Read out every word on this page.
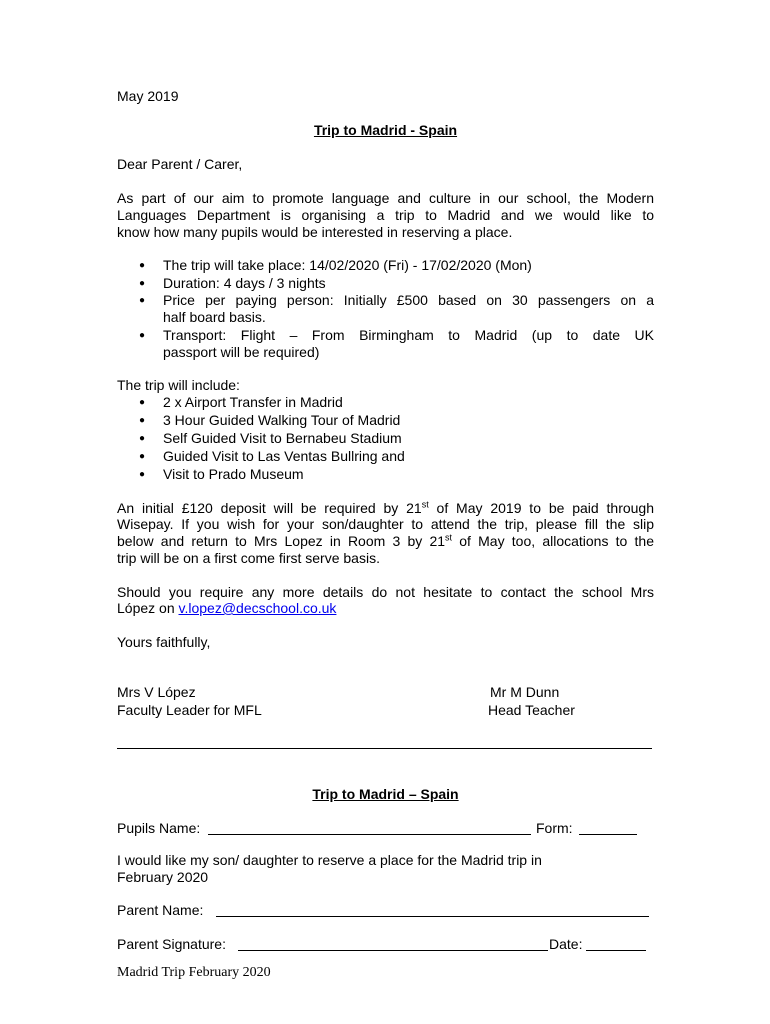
May 2019
Trip to Madrid - Spain
Dear Parent / Carer,
As part of our aim to promote language and culture in our school, the Modern
Languages Department is organising a trip to Madrid and we would like to
know how many pupils would be interested in reserving a place.
● The trip will take place: 14/02/2020 (Fri) - 17/02/2020 (Mon)
● Duration: 4 days / 3 nights
● Price per paying person: Initially £500 based on 30 passengers on a
half board basis.
● Transport: Flight – From Birmingham to Madrid (up to date UK
passport will be required)
The trip will include:
● 2 x Airport Transfer in Madrid
● 3 Hour Guided Walking Tour of Madrid
● Self Guided Visit to Bernabeu Stadium
● Guided Visit to Las Ventas Bullring and
● Visit to Prado Museum
An initial £120 deposit will be required by 21st of May 2019 to be paid through
Wisepay. If you wish for your son/daughter to attend the trip, please fill the slip
below and return to Mrs Lopez in Room 3 by 21st of May too, allocations to the
trip will be on a first come first serve basis.
Should you require any more details do not hesitate to contact the school Mrs
López on v.lopez@decschool.co.uk
Yours faithfully,
Mrs V López
Faculty Leader for MFL
Mr M Dunn
Head Teacher
Trip to Madrid – Spain
Pupils Name:	Form:
I would like my son/ daughter to reserve a place for the Madrid trip in
February 2020
Parent Name:
Parent Signature:	Date:
Madrid Trip February 2020
